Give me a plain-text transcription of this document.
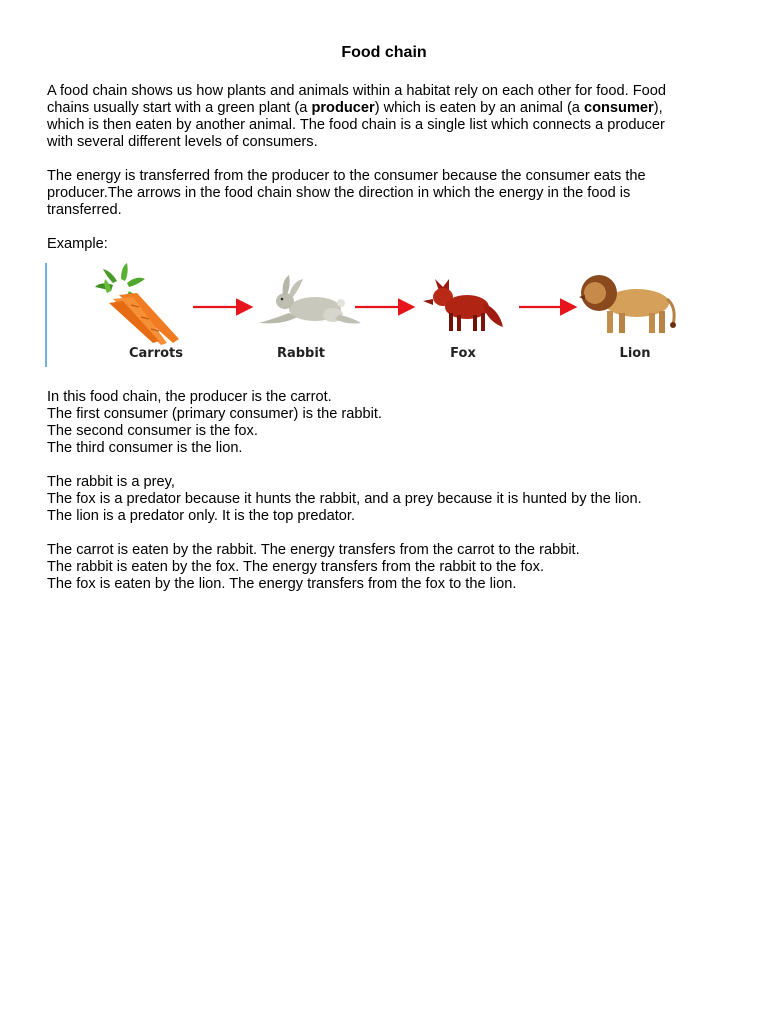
Food chain

A food chain shows us how plants and animals within a habitat rely on each other for food. Food
chains usually start with a green plant (a producer) which is eaten by an animal (a consumer),
which is then eaten by another animal. The food chain is a single list which connects a producer
with several different levels of consumers.

The energy is transferred from the producer to the consumer because the consumer eats the
producer.The arrows in the food chain show the direction in which the energy in the food is
transferred.

Example:

Carrots	Rabbit	Fox	Lion

In this food chain, the producer is the carrot.
The first consumer (primary consumer) is the rabbit.
The second consumer is the fox.
The third consumer is the lion.

The rabbit is a prey,
The fox is a predator because it hunts the rabbit, and a prey because it is hunted by the lion.
The lion is a predator only. It is the top predator.

The carrot is eaten by the rabbit. The energy transfers from the carrot to the rabbit.
The rabbit is eaten by the fox. The energy transfers from the rabbit to the fox.
The fox is eaten by the lion. The energy transfers from the fox to the lion.
